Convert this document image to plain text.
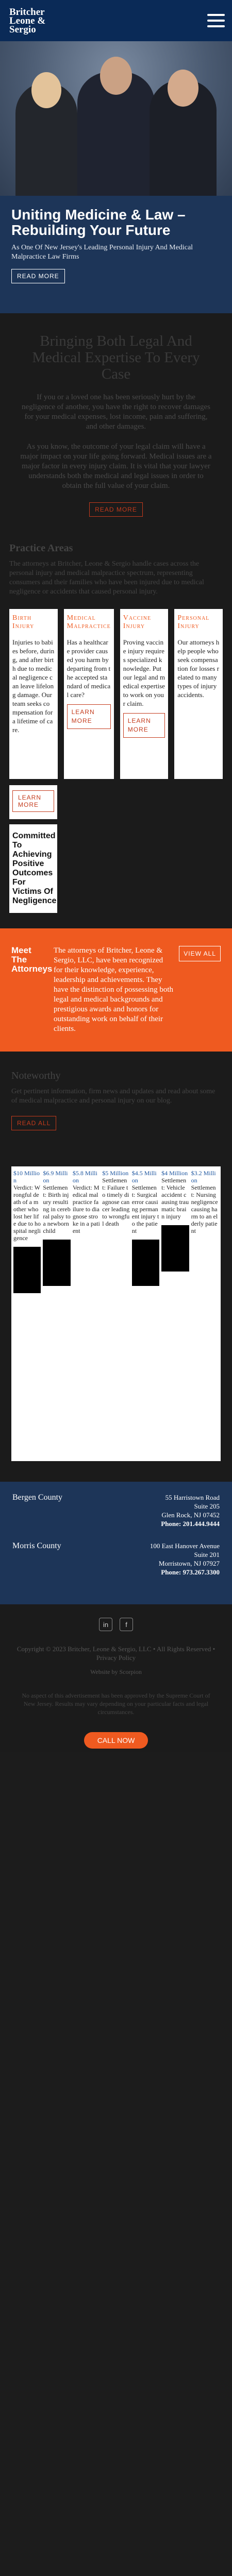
Britcher
Leone &
Sergio
Uniting Medicine & Law – Rebuilding Your Future

As One Of New Jersey's Leading Personal Injury And Medical Malpractice Law Firms

READ MORE
Bringing Both Legal And Medical Expertise To Every Case

If you or a loved one has been seriously hurt by the negligence of another, you have the right to recover damages for your medical expenses, lost income, pain and suffering, and other damages.

As you know, the outcome of your legal claim will have a major impact on your life going forward. Medical issues are a major factor in every injury claim. It is vital that your lawyer understands both the medical and legal issues in order to obtain the full value of your claim.

READ MORE
Practice Areas

The attorneys at Britcher, Leone & Sergio handle cases across the personal injury and medical malpractice spectrum, representing consumers and their families who have been injured due to medical negligence or accidents that caused personal injury.

Birth Injury

Injuries to babies before, during, and after birth due to medical negligence can leave lifelong damage. Our team seeks compensation for a lifetime of care.

Medical Malpractice

Has a healthcare provider caused you harm by departing from the accepted standard of medical care?

LEARN MORE
Vaccine Injury

Proving vaccine injury requires specialized knowledge. Put our legal and medical expertise to work on your claim.

LEARN MORE
Personal Injury

Our attorneys help people who seek compensation for losses related to many types of injury accidents.

LEARN MORE
Committed To Achieving Positive Outcomes For Victims Of Negligence
Meet The Attorneys
The attorneys of Britcher, Leone & Sergio, LLC, have been recognized for their knowledge, experience, leadership and achievements. They have the distinction of possessing both legal and medical backgrounds and prestigious awards and honors for outstanding work on behalf of their clients.
VIEW ALL
Noteworthy

Get pertinent information, firm news and updates and read about some of medical malpractice and personal injury on our blog.

READ ALL
$10 Million
Verdict: Wrongful death of a mother who lost her life due to hospital negligence
$6.9 Million
Settlement: Birth injury resulting in cerebral palsy to a newborn child
$5.8 Million
Verdict: Medical malpractice failure to diagnose stroke in a patient
$5 Million
Settlement: Failure to timely diagnose cancer leading to wrongful death
$4.5 Million
Settlement: Surgical error causing permanent injury to the patient
$4 Million
Settlement: Vehicle accident causing traumatic brain injury
$3.2 Million
Settlement: Nursing negligence causing harm to an elderly patient
Bergen County	55 Harristown Road
Suite 205
Glen Rock, NJ 07452
Phone: 201.444.9444
Morris County	100 East Hanover Avenue
Suite 201
Morristown, NJ 07927
Phone: 973.267.3300
in	f

Copyright © 2023 Britcher, Leone & Sergio, LLC • All Rights Reserved • Privacy Policy

Website by Scorpion

No aspect of this advertisement has been approved by the Supreme Court of New Jersey. Results may vary depending on your particular facts and legal circumstances.
CALL NOW
